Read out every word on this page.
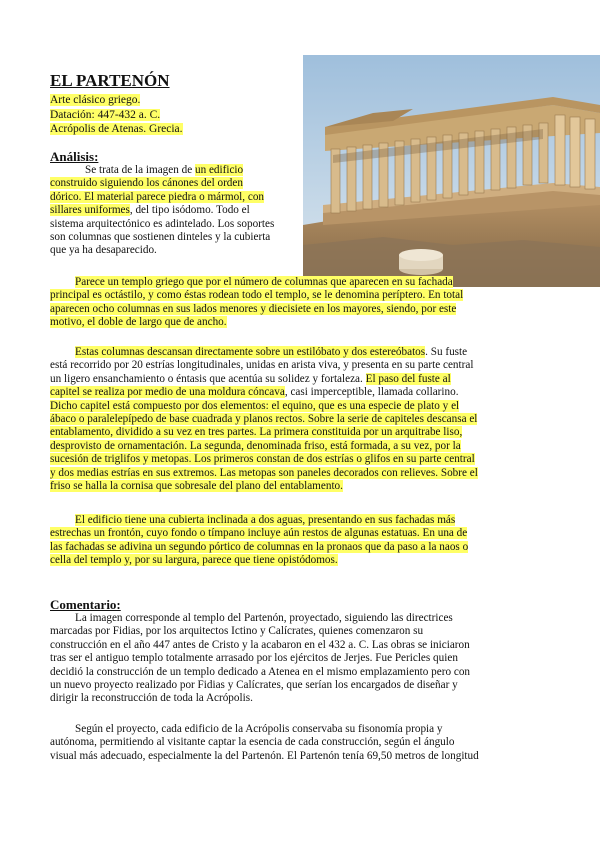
EL PARTENÓN
Arte clásico griego.
Datación: 447-432 a. C.
Acrópolis de Atenas. Grecia.
Análisis:
Se trata de la imagen de un edificio
construido siguiendo los cánones del orden
dórico. El material parece piedra o mármol, con
sillares uniformes, del tipo isódomo. Todo el
sistema arquitectónico es adintelado. Los soportes
son columnas que sostienen dinteles y la cubierta
que ya ha desaparecido.
Parece un templo griego que por el número de columnas que aparecen en su fachada
principal es octástilo, y como éstas rodean todo el templo, se le denomina períptero. En total
aparecen ocho columnas en sus lados menores y diecisiete en los mayores, siendo, por este
motivo, el doble de largo que de ancho.
Estas columnas descansan directamente sobre un estilóbato y dos estereóbatos. Su fuste
está recorrido por 20 estrías longitudinales, unidas en arista viva, y presenta en su parte central
un ligero ensanchamiento o éntasis que acentúa su solidez y fortaleza. El paso del fuste al
capitel se realiza por medio de una moldura cóncava, casi imperceptible, llamada collarino.
Dicho capitel está compuesto por dos elementos: el equino, que es una especie de plato y el
ábaco o paralelepípedo de base cuadrada y planos rectos. Sobre la serie de capiteles descansa el
entablamento, dividido a su vez en tres partes. La primera constituida por un arquitrabe liso,
desprovisto de ornamentación. La segunda, denominada friso, está formada, a su vez, por la
sucesión de triglifos y metopas. Los primeros constan de dos estrías o glifos en su parte central
y dos medias estrías en sus extremos. Las metopas son paneles decorados con relieves. Sobre el
friso se halla la cornisa que sobresale del plano del entablamento.
El edificio tiene una cubierta inclinada a dos aguas, presentando en sus fachadas más
estrechas un frontón, cuyo fondo o tímpano incluye aún restos de algunas estatuas. En una de
las fachadas se adivina un segundo pórtico de columnas en la pronaos que da paso a la naos o
cella del templo y, por su largura, parece que tiene opistódomos.
Comentario:
La imagen corresponde al templo del Partenón, proyectado, siguiendo las directrices
marcadas por Fidias, por los arquitectos Ictino y Calícrates, quienes comenzaron su
construcción en el año 447 antes de Cristo y la acabaron en el 432 a. C. Las obras se iniciaron
tras ser el antiguo templo totalmente arrasado por los ejércitos de Jerjes. Fue Pericles quien
decidió la construcción de un templo dedicado a Atenea en el mismo emplazamiento pero con
un nuevo proyecto realizado por Fidias y Calícrates, que serían los encargados de diseñar y
dirigir la reconstrucción de toda la Acrópolis.
Según el proyecto, cada edificio de la Acrópolis conservaba su fisonomía propia y
autónoma, permitiendo al visitante captar la esencia de cada construcción, según el ángulo
visual más adecuado, especialmente la del Partenón. El Partenón tenía 69,50 metros de longitud
